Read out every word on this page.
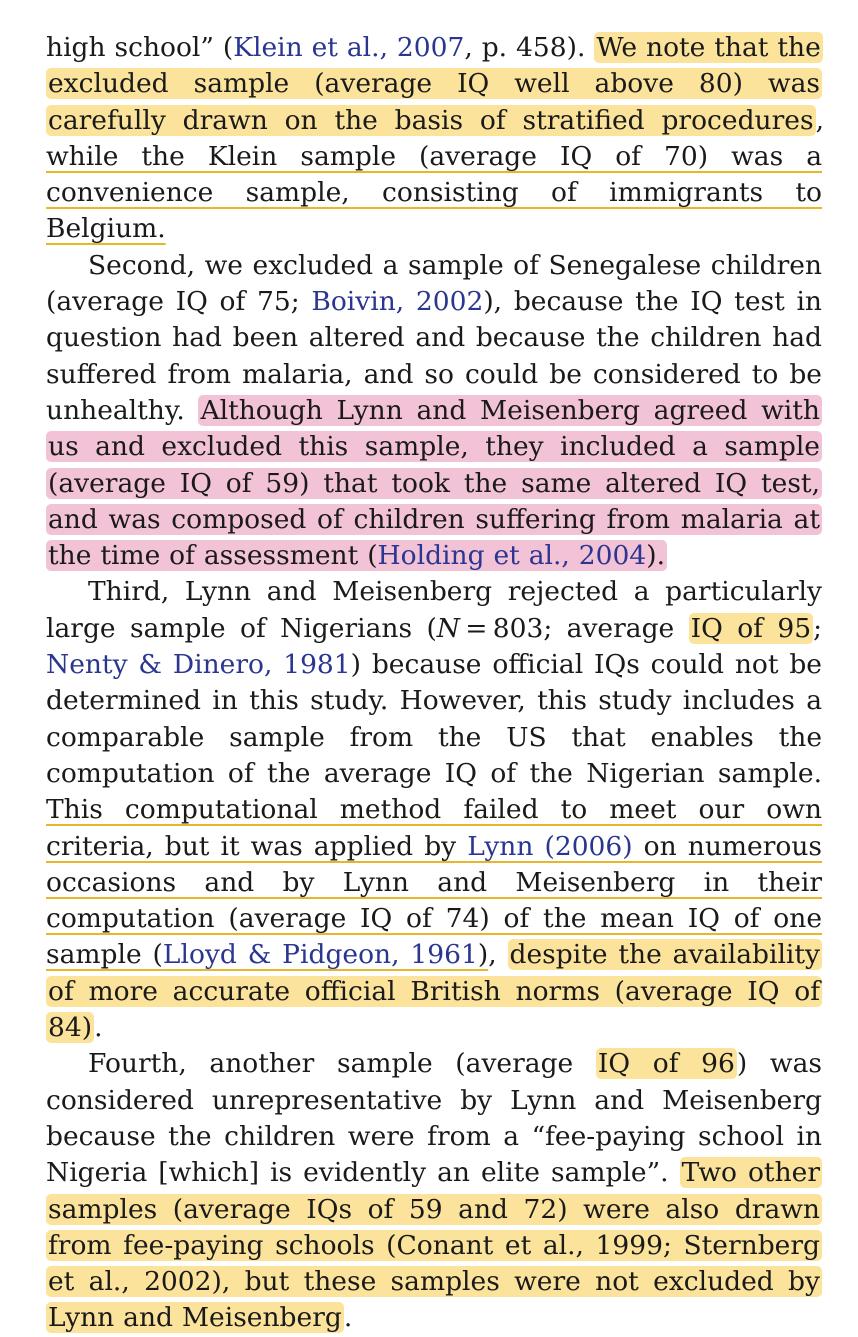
high school” (Klein et al., 2007, p. 458). We note that the excluded sample (average IQ well above 80) was carefully drawn on the basis of stratified procedures, while the Klein sample (average IQ of 70) was a convenience sample, consisting of immigrants to Belgium.

Second, we excluded a sample of Senegalese children (average IQ of 75; Boivin, 2002), because the IQ test in question had been altered and because the children had suffered from malaria, and so could be considered to be unhealthy. Although Lynn and Meisenberg agreed with us and excluded this sample, they included a sample (average IQ of 59) that took the same altered IQ test, and was composed of children suffering from malaria at the time of assessment (Holding et al., 2004).

Third, Lynn and Meisenberg rejected a particularly large sample of Nigerians (N = 803; average IQ of 95; Nenty & Dinero, 1981) because official IQs could not be determined in this study. However, this study includes a comparable sample from the US that enables the computation of the average IQ of the Nigerian sample. This computational method failed to meet our own criteria, but it was applied by Lynn (2006) on numerous occasions and by Lynn and Meisenberg in their computation (average IQ of 74) of the mean IQ of one sample (Lloyd & Pidgeon, 1961), despite the availability of more accurate official British norms (average IQ of 84).

Fourth, another sample (average IQ of 96) was considered unrepresentative by Lynn and Meisenberg because the children were from a “fee-paying school in Nigeria [which] is evidently an elite sample”. Two other samples (average IQs of 59 and 72) were also drawn from fee-paying schools (Conant et al., 1999; Sternberg et al., 2002), but these samples were not excluded by Lynn and Meisenberg.
